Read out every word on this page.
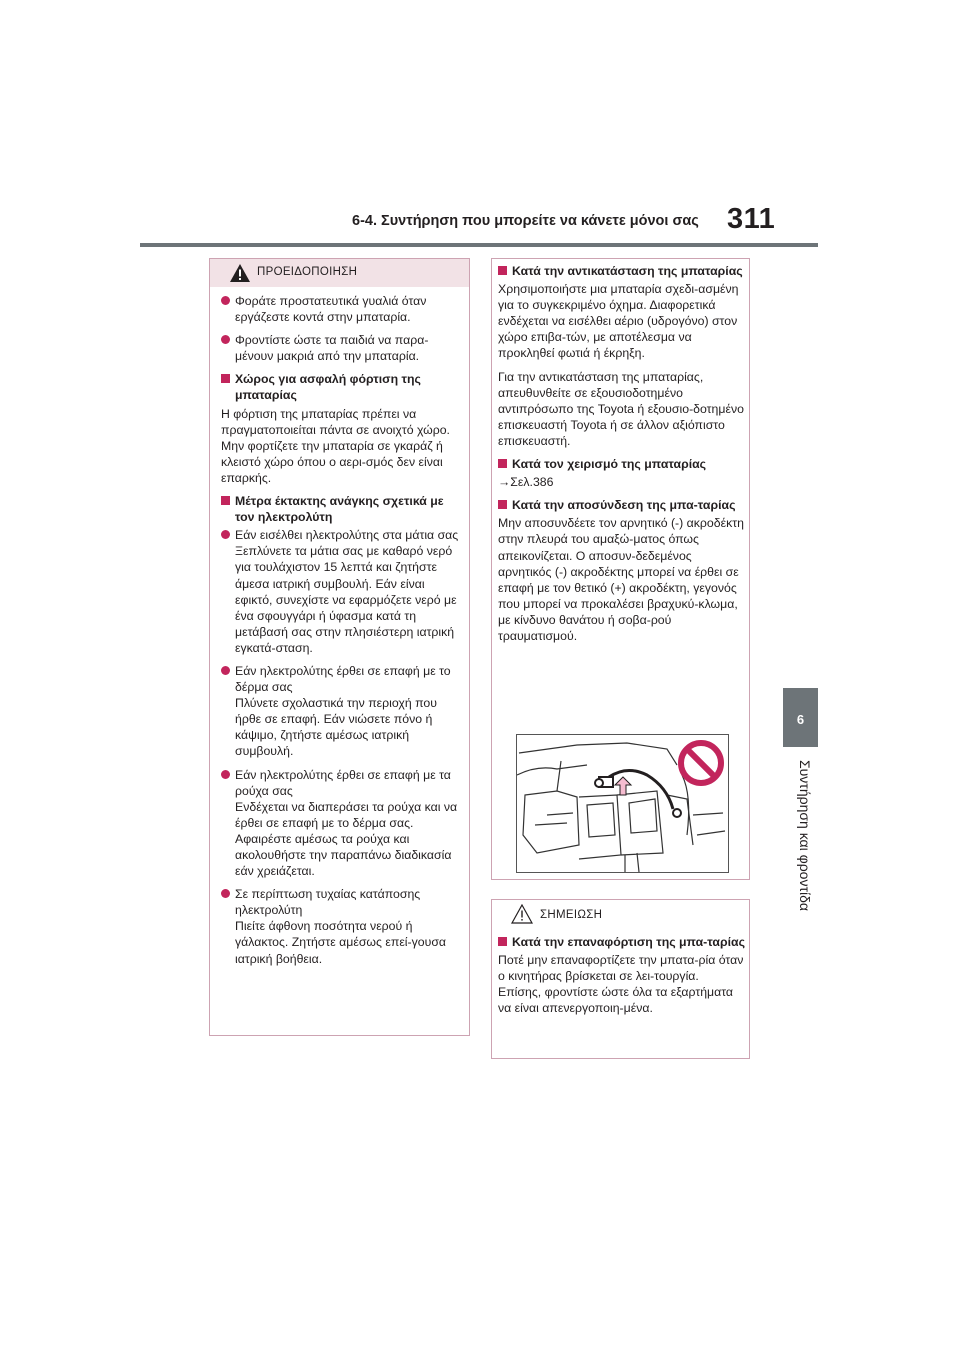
6-4. Συντήρηση που μπορείτε να κάνετε μόνοι σας 311
6
Συντήρηση και φροντίδα
ΠΡΟΕΙΔΟΠΟΙΗΣΗ
Φοράτε προστατευτικά γυαλιά όταν εργάζεστε κοντά στην μπαταρία.
Φροντίστε ώστε τα παιδιά να παρα-μένουν μακριά από την μπαταρία.
Χώρος για ασφαλή φόρτιση της μπαταρίας
Η φόρτιση της μπαταρίας πρέπει να πραγματοποιείται πάντα σε ανοιχτό χώρο. Μην φορτίζετε την μπαταρία σε γκαράζ ή κλειστό χώρο όπου ο αερι-σμός δεν είναι επαρκής.
Μέτρα έκτακτης ανάγκης σχετικά με τον ηλεκτρολύτη
Εάν εισέλθει ηλεκτρολύτης στα μάτια σας
Ξεπλύνετε τα μάτια σας με καθαρό νερό για τουλάχιστον 15 λεπτά και ζητήστε άμεσα ιατρική συμβουλή. Εάν είναι εφικτό, συνεχίστε να εφαρμόζετε νερό με ένα σφουγγάρι ή ύφασμα κατά τη μετάβασή σας στην πλησιέστερη ιατρική εγκατά-σταση.
Εάν ηλεκτρολύτης έρθει σε επαφή με το δέρμα σας
Πλύνετε σχολαστικά την περιοχή που ήρθε σε επαφή. Εάν νιώσετε πόνο ή κάψιμο, ζητήστε αμέσως ιατρική συμβουλή.
Εάν ηλεκτρολύτης έρθει σε επαφή με τα ρούχα σας
Ενδέχεται να διαπεράσει τα ρούχα και να έρθει σε επαφή με το δέρμα σας. Αφαιρέστε αμέσως τα ρούχα και ακολουθήστε την παραπάνω διαδικασία εάν χρειάζεται.
Σε περίπτωση τυχαίας κατάποσης ηλεκτρολύτη
Πιείτε άφθονη ποσότητα νερού ή γάλακτος. Ζητήστε αμέσως επεί-γουσα ιατρική βοήθεια.
Κατά την αντικατάσταση της μπαταρίας
Χρησιμοποιήστε μια μπαταρία σχεδι-ασμένη για το συγκεκριμένο όχημα. Διαφορετικά ενδέχεται να εισέλθει αέριο (υδρογόνο) στον χώρο επιβα-τών, με αποτέλεσμα να προκληθεί φωτιά ή έκρηξη.
Για την αντικατάσταση της μπαταρίας, απευθυνθείτε σε εξουσιοδοτημένο αντιπρόσωπο της Toyota ή εξουσιο-δοτημένο επισκευαστή Toyota ή σε άλλον αξιόπιστο επισκευαστή.
Κατά τον χειρισμό της μπαταρίας
→Σελ.386
Κατά την αποσύνδεση της μπα-ταρίας
Μην αποσυνδέετε τον αρνητικό (-) ακροδέκτη στην πλευρά του αμαξώ-ματος όπως απεικονίζεται. Ο αποσυν-δεδεμένος αρνητικός (-) ακροδέκτης μπορεί να έρθει σε επαφή με τον θετικό (+) ακροδέκτη, γεγονός που μπορεί να προκαλέσει βραχυκύ-κλωμα, με κίνδυνο θανάτου ή σοβα-ρού τραυματισμού.
ΣΗΜΕΙΩΣΗ
Κατά την επαναφόρτιση της μπα-ταρίας
Ποτέ μην επαναφορτίζετε την μπατα-ρία όταν ο κινητήρας βρίσκεται σε λει-τουργία. Επίσης, φροντίστε ώστε όλα τα εξαρτήματα να είναι απενεργοποιη-μένα.
